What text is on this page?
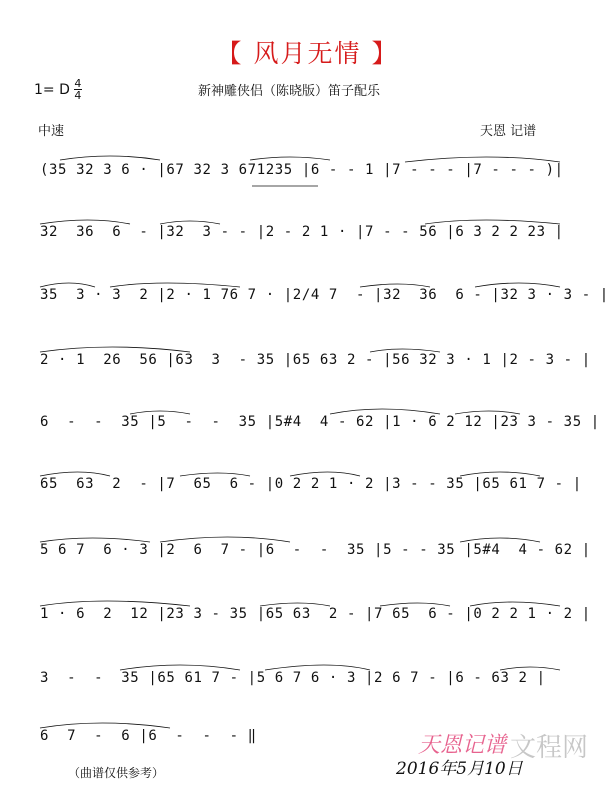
【 风月无情 】
1= D 4
4	新神雕侠侣（陈晓版）笛子配乐
中速	天恩 记谱
(35 32 3 6 · |67 32 3 671235 |6 - - 1 |7 - - - |7 - - - )|
32  36  6  - |32  3 - - |2 - 2 1 · |7 - - 56 |6 3 2 2 23 |
35  3 · 3  2 |2 · 1 76 7 · |2/4 7  - |32  36  6 - |32 3 · 3 - |
2 · 1  26  56 |63  3  - 35 |65 63 2 - |56 32 3 · 1 |2 - 3 - |
6  -  -  35 |5  -  -  35 |5#4  4 - 62 |1 · 6 2 12 |23 3 - 35 |
65  63  2  - |7  65  6 - |0 2 2 1 · 2 |3 - - 35 |65 61 7 - |
5 6 7  6 · 3 |2  6  7 - |6  -  -  35 |5 - - 35 |5#4  4 - 62 |
1 · 6  2  12 |23 3 - 35 |65 63  2 - |7 65  6 - |0 2 2 1 · 2 |
3  -  -  35 |65 61 7 - |5 6 7 6 · 3 |2 6 7 - |6 - 63 2 |
6  7  -  6 |6  -  -  - ‖
（曲谱仅供参考）
天恩记谱
2016年5月10日
文程网
